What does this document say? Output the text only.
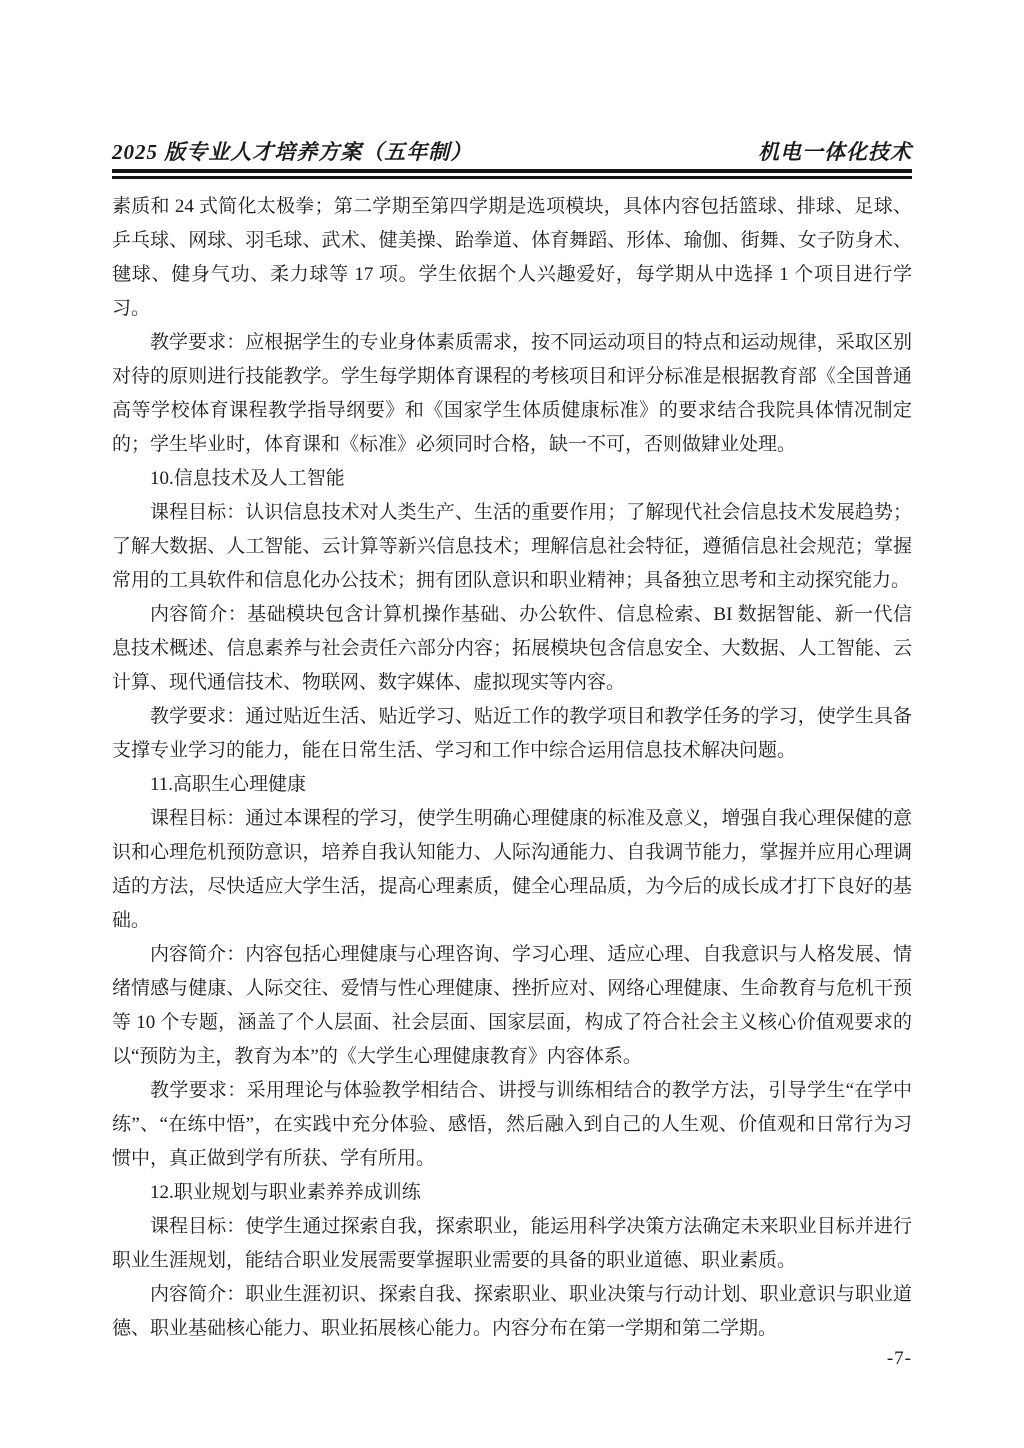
2025 版专业人才培养方案（五年制）	机电一体化技术

素质和 24 式简化太极拳；第二学期至第四学期是选项模块，具体内容包括篮球、排球、足球、乒乓球、网球、羽毛球、武术、健美操、跆拳道、体育舞蹈、形体、瑜伽、街舞、女子防身术、毽球、健身气功、柔力球等 17 项。学生依据个人兴趣爱好，每学期从中选择 1 个项目进行学习。

教学要求：应根据学生的专业身体素质需求，按不同运动项目的特点和运动规律，采取区别对待的原则进行技能教学。学生每学期体育课程的考核项目和评分标准是根据教育部《全国普通高等学校体育课程教学指导纲要》和《国家学生体质健康标准》的要求结合我院具体情况制定的；学生毕业时，体育课和《标准》必须同时合格，缺一不可，否则做肄业处理。

10.信息技术及人工智能

课程目标：认识信息技术对人类生产、生活的重要作用；了解现代社会信息技术发展趋势；了解大数据、人工智能、云计算等新兴信息技术；理解信息社会特征，遵循信息社会规范；掌握常用的工具软件和信息化办公技术；拥有团队意识和职业精神；具备独立思考和主动探究能力。

内容简介：基础模块包含计算机操作基础、办公软件、信息检索、BI 数据智能、新一代信息技术概述、信息素养与社会责任六部分内容；拓展模块包含信息安全、大数据、人工智能、云计算、现代通信技术、物联网、数字媒体、虚拟现实等内容。

教学要求：通过贴近生活、贴近学习、贴近工作的教学项目和教学任务的学习，使学生具备支撑专业学习的能力，能在日常生活、学习和工作中综合运用信息技术解决问题。

11.高职生心理健康

课程目标：通过本课程的学习，使学生明确心理健康的标准及意义，增强自我心理保健的意识和心理危机预防意识，培养自我认知能力、人际沟通能力、自我调节能力，掌握并应用心理调适的方法，尽快适应大学生活，提高心理素质，健全心理品质，为今后的成长成才打下良好的基础。

内容简介：内容包括心理健康与心理咨询、学习心理、适应心理、自我意识与人格发展、情绪情感与健康、人际交往、爱情与性心理健康、挫折应对、网络心理健康、生命教育与危机干预等 10 个专题，涵盖了个人层面、社会层面、国家层面，构成了符合社会主义核心价值观要求的以“预防为主，教育为本”的《大学生心理健康教育》内容体系。

教学要求：采用理论与体验教学相结合、讲授与训练相结合的教学方法，引导学生“在学中练”、“在练中悟”，在实践中充分体验、感悟，然后融入到自己的人生观、价值观和日常行为习惯中，真正做到学有所获、学有所用。

12.职业规划与职业素养养成训练

课程目标：使学生通过探索自我，探索职业，能运用科学决策方法确定未来职业目标并进行职业生涯规划，能结合职业发展需要掌握职业需要的具备的职业道德、职业素质。

内容简介：职业生涯初识、探索自我、探索职业、职业决策与行动计划、职业意识与职业道德、职业基础核心能力、职业拓展核心能力。内容分布在第一学期和第二学期。

-7-
